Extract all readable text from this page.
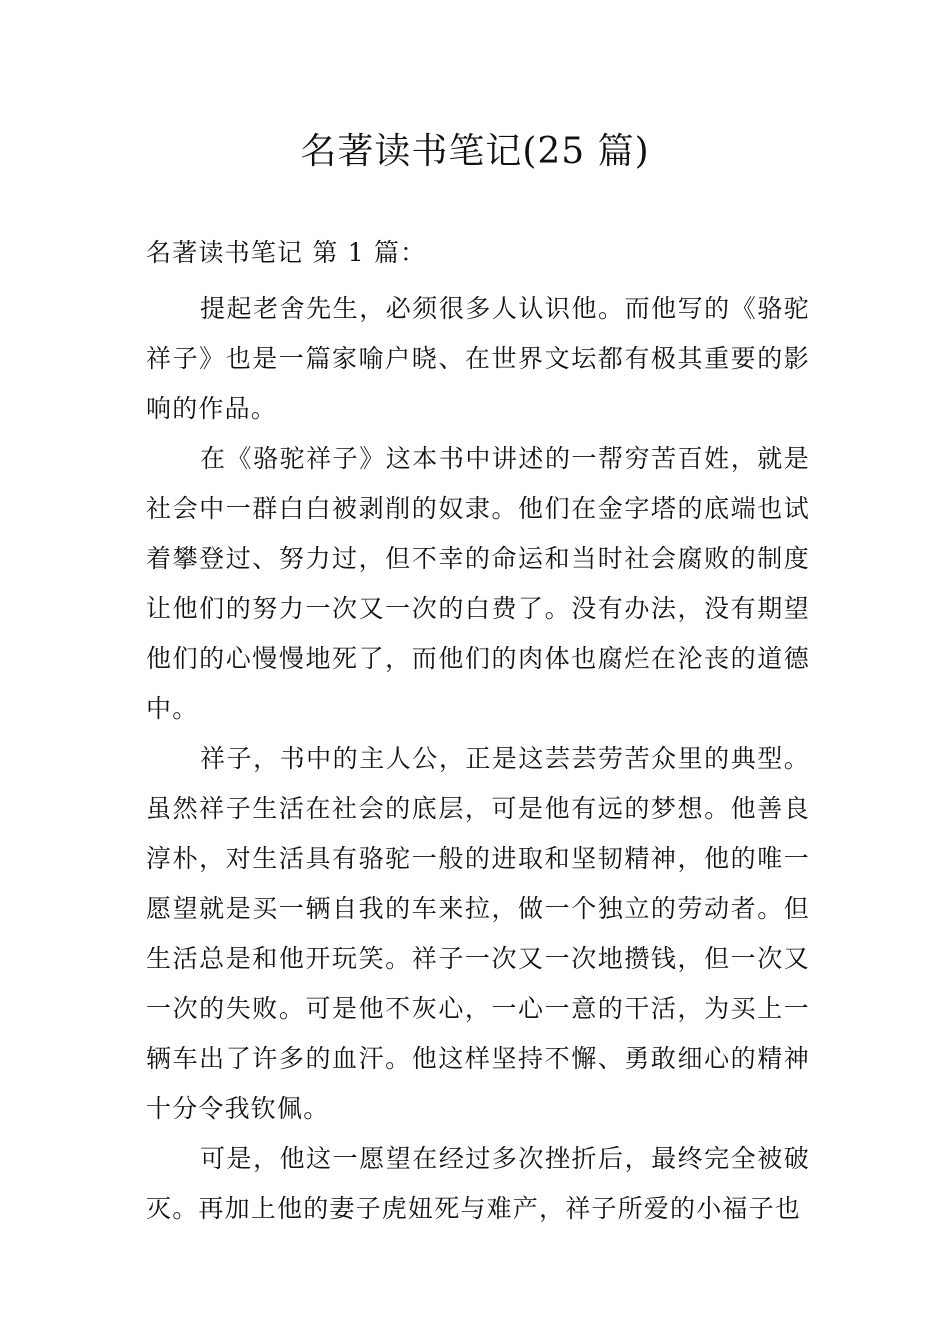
名著读书笔记(25 篇)

名著读书笔记 第 1 篇：

提起老舍先生，必须很多人认识他。而他写的《骆驼祥子》也是一篇家喻户晓、在世界文坛都有极其重要的影响的作品。

在《骆驼祥子》这本书中讲述的一帮穷苦百姓，就是社会中一群白白被剥削的奴隶。他们在金字塔的底端也试着攀登过、努力过，但不幸的命运和当时社会腐败的制度让他们的努力一次又一次的白费了。没有办法，没有期望他们的心慢慢地死了，而他们的肉体也腐烂在沦丧的道德中。

祥子，书中的主人公，正是这芸芸劳苦众里的典型。虽然祥子生活在社会的底层，可是他有远的梦想。他善良淳朴，对生活具有骆驼一般的进取和坚韧精神，他的唯一愿望就是买一辆自我的车来拉，做一个独立的劳动者。但生活总是和他开玩笑。祥子一次又一次地攒钱，但一次又一次的失败。可是他不灰心，一心一意的干活，为买上一辆车出了许多的血汗。他这样坚持不懈、勇敢细心的精神十分令我钦佩。

可是，他这一愿望在经过多次挫折后，最终完全被破灭。再加上他的妻子虎妞死与难产，祥子所爱的小福子也
